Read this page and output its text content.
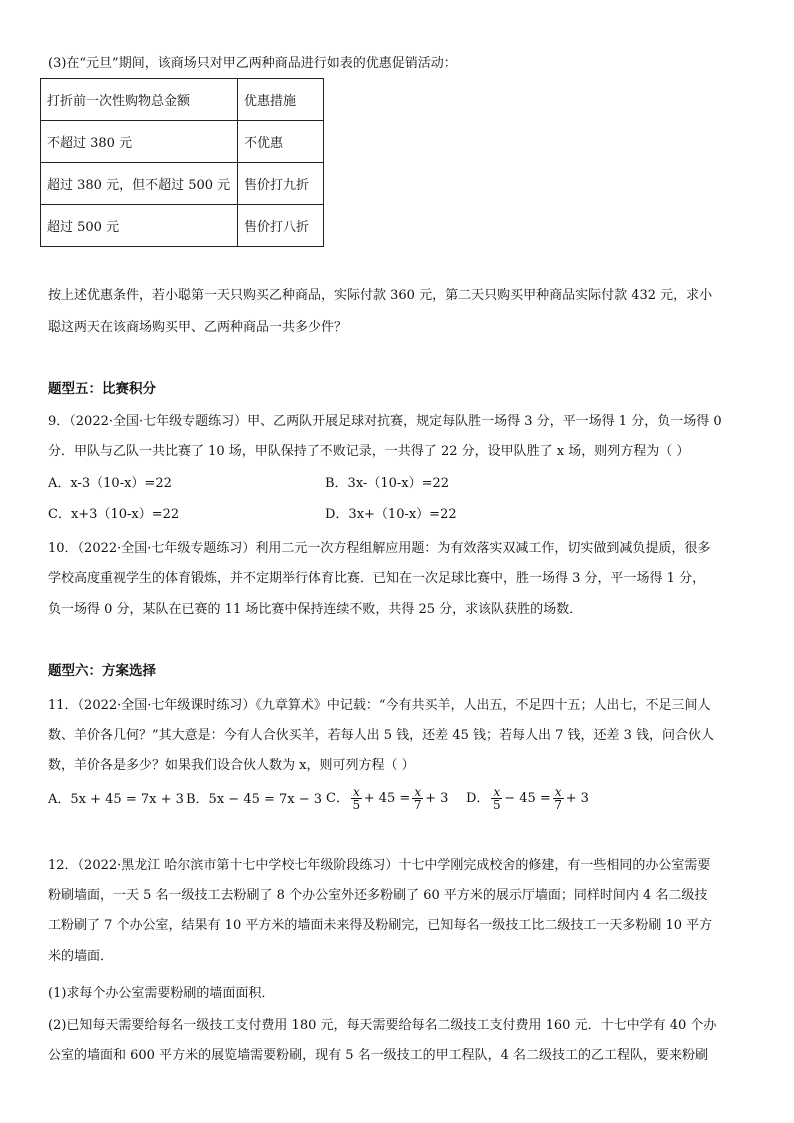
(3)在“元旦”期间，该商场只对甲乙两种商品进行如表的优惠促销活动：
打折前一次性购物总金额	优惠措施
不超过 380 元	不优惠
超过 380 元，但不超过 500 元	售价打九折
超过 500 元	售价打八折
按上述优惠条件，若小聪第一天只购买乙种商品，实际付款 360 元，第二天只购买甲种商品实际付款 432 元，求小
聪这两天在该商场购买甲、乙两种商品一共多少件？
题型五：比赛积分
9．（2022·全国·七年级专题练习）甲、乙两队开展足球对抗赛，规定每队胜一场得 3 分，平一场得 1 分，负一场得 0
分．甲队与乙队一共比赛了 10 场，甲队保持了不败记录，一共得了 22 分，设甲队胜了 x 场，则列方程为（ ）
A．x-3（10-x）=22	B．3x-（10-x）=22
C．x+3（10-x）=22	D．3x+（10-x）=22
10．（2022·全国·七年级专题练习）利用二元一次方程组解应用题：为有效落实双减工作，切实做到减负提质，很多
学校高度重视学生的体育锻炼，并不定期举行体育比赛．已知在一次足球比赛中，胜一场得 3 分，平一场得 1 分，
负一场得 0 分，某队在已赛的 11 场比赛中保持连续不败，共得 25 分，求该队获胜的场数．
题型六：方案选择
11．（2022·全国·七年级课时练习）《九章算术》中记载：“今有共买羊，人出五，不足四十五；人出七，不足三间人
数、羊价各几何？”其大意是：今有人合伙买羊，若每人出 5 钱，还差 45 钱；若每人出 7 钱，还差 3 钱，问合伙人
数，羊价各是多少？如果我们设合伙人数为 x，则可列方程（ ）
A．5x + 45 = 7x + 3 B．5x − 45 = 7x − 3 C． $\frac{x}{5} + 45 = \frac{x}{7} + 3$ D． $\frac{x}{5} - 45 = \frac{x}{7} + 3$
12．（2022·黑龙江 哈尔滨市第十七中学校七年级阶段练习）十七中学刚完成校舍的修建，有一些相同的办公室需要
粉刷墙面，一天 5 名一级技工去粉刷了 8 个办公室外还多粉刷了 60 平方米的展示厅墙面；同样时间内 4 名二级技
工粉刷了 7 个办公室，结果有 10 平方米的墙面未来得及粉刷完，已知每名一级技工比二级技工一天多粉刷 10 平方
米的墙面．
(1)求每个办公室需要粉刷的墙面面积．
(2)已知每天需要给每名一级技工支付费用 180 元，每天需要给每名二级技工支付费用 160 元．十七中学有 40 个办
公室的墙面和 600 平方米的展览墙需要粉刷，现有 5 名一级技工的甲工程队，4 名二级技工的乙工程队，要来粉刷
